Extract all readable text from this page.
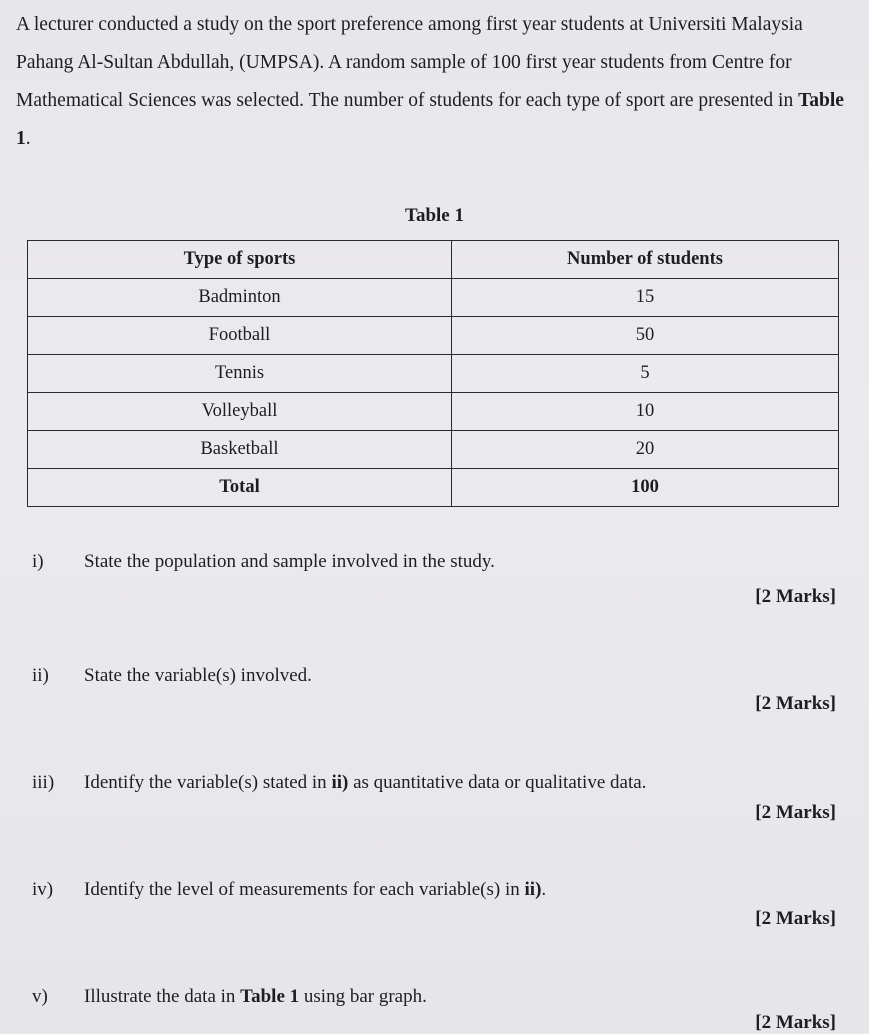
A lecturer conducted a study on the sport preference among first year students at Universiti Malaysia Pahang Al-Sultan Abdullah, (UMPSA). A random sample of 100 first year students from Centre for Mathematical Sciences was selected. The number of students for each type of sport are presented in Table 1.

Table 1
Type of sports	Number of students
Badminton	15
Football	50
Tennis	5
Volleyball	10
Basketball	20
Total	100
i) State the population and sample involved in the study.
[2 Marks]
ii) State the variable(s) involved.
[2 Marks]
iii) Identify the variable(s) stated in ii) as quantitative data or qualitative data.
[2 Marks]
iv) Identify the level of measurements for each variable(s) in ii).
[2 Marks]
v) Illustrate the data in Table 1 using bar graph.
[2 Marks]
